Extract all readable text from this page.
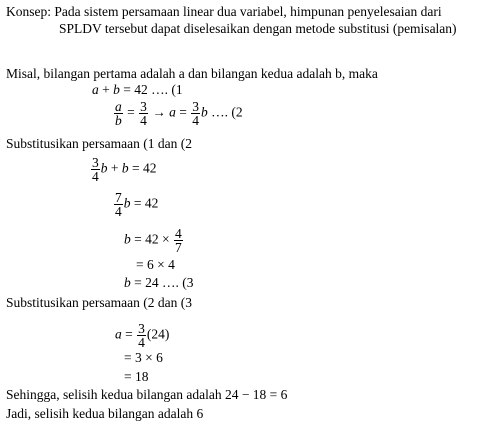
Konsep: Pada sistem persamaan linear dua variabel, himpunan penyelesaian dari
SPLDV tersebut dapat diselesaikan dengan metode substitusi (pemisalan)
Misal, bilangan pertama adalah a dan bilangan kedua adalah b, maka
a + b = 42 …. (1
$\frac{a}{b} = \frac{3}{4} \to a = \frac{3}{4}$ b …. (2
Substitusikan persamaan (1 dan (2
$\frac{3}{4}$ b + b = 42
$\frac{7}{4}$ b = 42
$b = 42 \times \frac{4}{7}$
= 6 × 4
b = 24 …. (3
Substitusikan persamaan (2 dan (3
$a = \frac{3}{4} (24)$
= 3 × 6
= 18
Sehingga, selisih kedua bilangan adalah 24 − 18 = 6
Jadi, selisih kedua bilangan adalah 6
